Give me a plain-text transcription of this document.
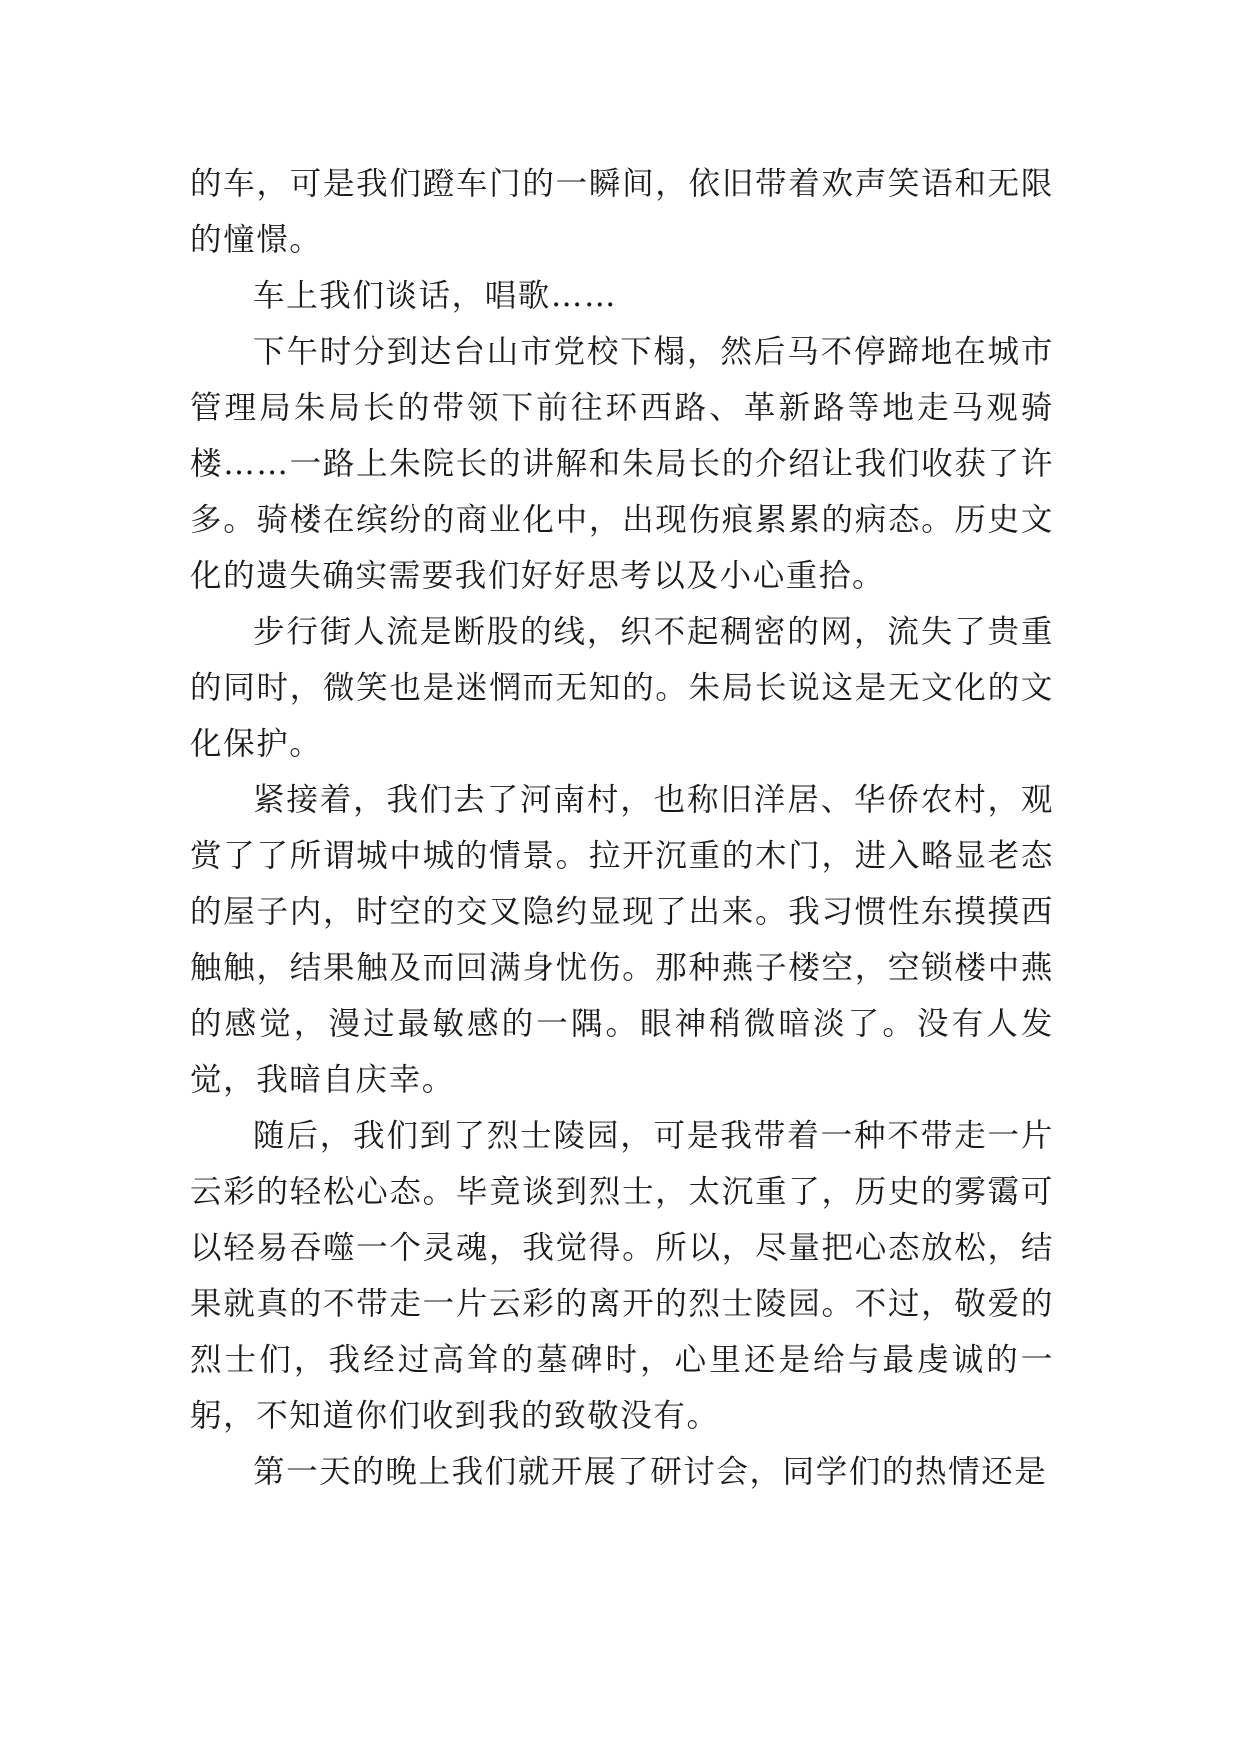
的车，可是我们蹬车门的一瞬间，依旧带着欢声笑语和无限的憧憬。

车上我们谈话，唱歌……

下午时分到达台山市党校下榻，然后马不停蹄地在城市管理局朱局长的带领下前往环西路、革新路等地走马观骑楼……一路上朱院长的讲解和朱局长的介绍让我们收获了许多。骑楼在缤纷的商业化中，出现伤痕累累的病态。历史文化的遗失确实需要我们好好思考以及小心重拾。

步行街人流是断股的线，织不起稠密的网，流失了贵重的同时，微笑也是迷惘而无知的。朱局长说这是无文化的文化保护。

紧接着，我们去了河南村，也称旧洋居、华侨农村，观赏了了所谓城中城的情景。拉开沉重的木门，进入略显老态的屋子内，时空的交叉隐约显现了出来。我习惯性东摸摸西触触，结果触及而回满身忧伤。那种燕子楼空，空锁楼中燕的感觉，漫过最敏感的一隅。眼神稍微暗淡了。没有人发觉，我暗自庆幸。

随后，我们到了烈士陵园，可是我带着一种不带走一片云彩的轻松心态。毕竟谈到烈士，太沉重了，历史的雾霭可以轻易吞噬一个灵魂，我觉得。所以，尽量把心态放松，结果就真的不带走一片云彩的离开的烈士陵园。不过，敬爱的烈士们，我经过高耸的墓碑时，心里还是给与最虔诚的一躬，不知道你们收到我的致敬没有。

第一天的晚上我们就开展了研讨会，同学们的热情还是
